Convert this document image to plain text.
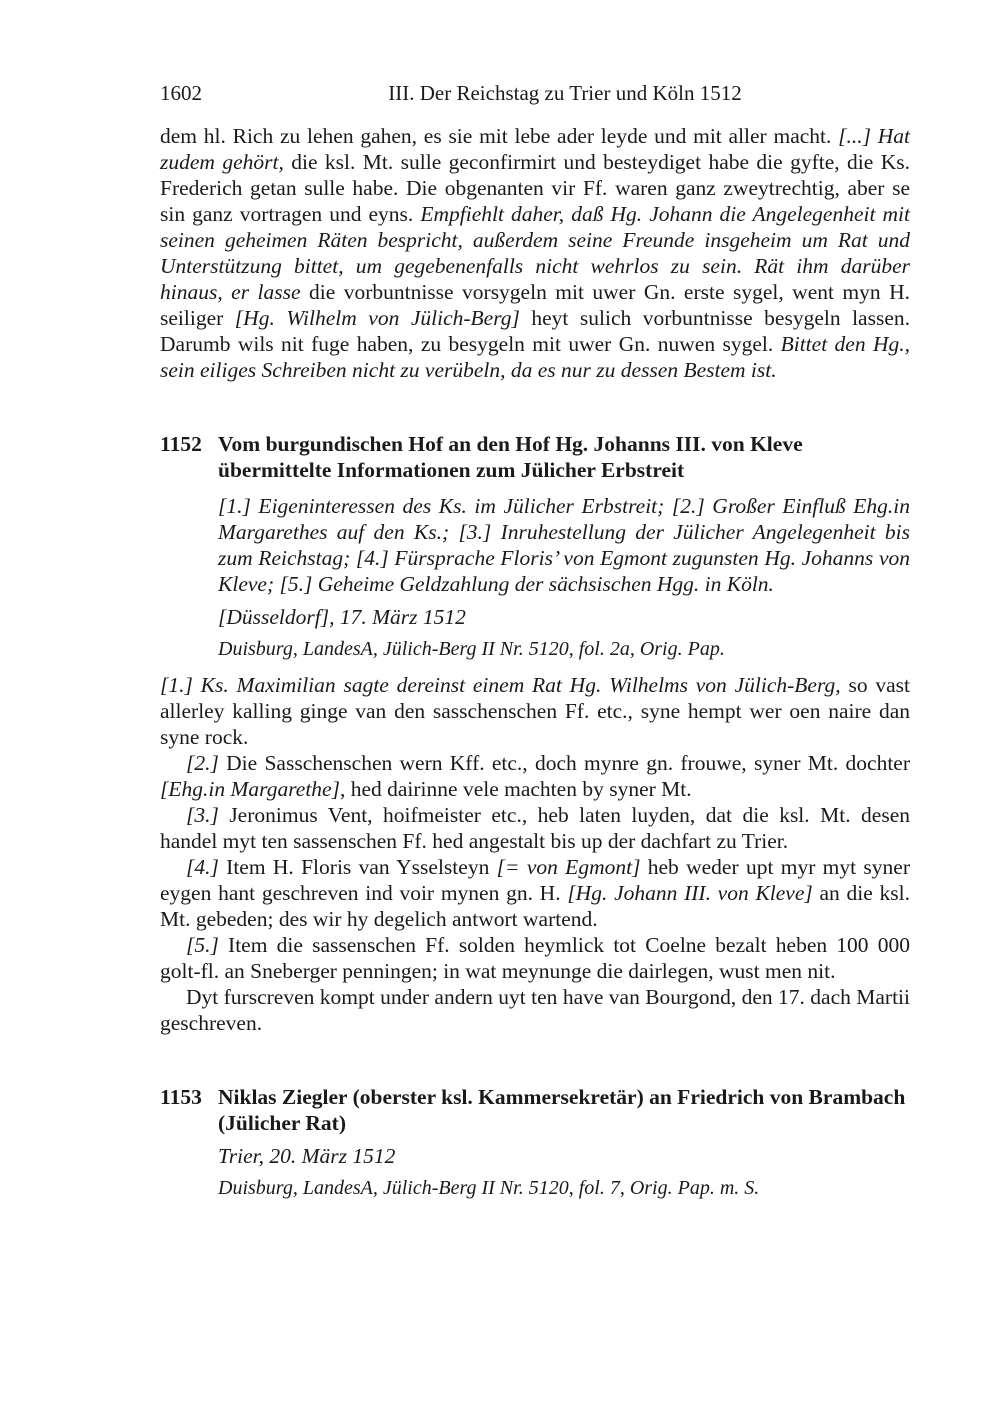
1602	III. Der Reichstag zu Trier und Köln 1512

dem hl. Rich zu lehen gahen, es sie mit lebe ader leyde und mit aller macht. [...] Hat zudem gehört, die ksl. Mt. sulle geconfirmirt und besteydiget habe die gyfte, die Ks. Frederich getan sulle habe. Die obgenanten vir Ff. waren ganz zweytrechtig, aber se sin ganz vortragen und eyns. Empfiehlt daher, daß Hg. Johann die Angelegenheit mit seinen geheimen Räten bespricht, außerdem seine Freunde insgeheim um Rat und Unterstützung bittet, um gegebenenfalls nicht wehrlos zu sein. Rät ihm darüber hinaus, er lasse die vorbuntnisse vorsygeln mit uwer Gn. erste sygel, went myn H. seiliger [Hg. Wilhelm von Jülich-Berg] heyt sulich vorbuntnisse besygeln lassen. Darumb wils nit fuge haben, zu besygeln mit uwer Gn. nuwen sygel. Bittet den Hg., sein eiliges Schreiben nicht zu verübeln, da es nur zu dessen Bestem ist.

1152 Vom burgundischen Hof an den Hof Hg. Johanns III. von Kleve übermittelte Informationen zum Jülicher Erbstreit
[1.] Eigeninteressen des Ks. im Jülicher Erbstreit; [2.] Großer Einfluß Ehg.in Margarethes auf den Ks.; [3.] Inruhestellung der Jülicher Angelegenheit bis zum Reichstag; [4.] Fürsprache Floris’ von Egmont zugunsten Hg. Johanns von Kleve; [5.] Geheime Geldzahlung der sächsischen Hgg. in Köln.
[Düsseldorf], 17. März 1512
Duisburg, LandesA, Jülich-Berg II Nr. 5120, fol. 2a, Orig. Pap.

[1.] Ks. Maximilian sagte dereinst einem Rat Hg. Wilhelms von Jülich-Berg, so vast allerley kalling ginge van den sasschenschen Ff. etc., syne hempt wer oen naire dan syne rock.

[2.] Die Sasschenschen wern Kff. etc., doch mynre gn. frouwe, syner Mt. dochter [Ehg.in Margarethe], hed dairinne vele machten by syner Mt.

[3.] Jeronimus Vent, hoifmeister etc., heb laten luyden, dat die ksl. Mt. desen handel myt ten sassenschen Ff. hed angestalt bis up der dachfart zu Trier.

[4.] Item H. Floris van Ysselsteyn [= von Egmont] heb weder upt myr myt syner eygen hant geschreven ind voir mynen gn. H. [Hg. Johann III. von Kleve] an die ksl. Mt. gebeden; des wir hy degelich antwort wartend.

[5.] Item die sassenschen Ff. solden heymlick tot Coelne bezalt heben 100 000 golt-fl. an Sneberger penningen; in wat meynunge die dairlegen, wust men nit.

Dyt furscreven kompt under andern uyt ten have van Bourgond, den 17. dach Martii geschreven.

1153 Niklas Ziegler (oberster ksl. Kammersekretär) an Friedrich von Brambach (Jülicher Rat)
Trier, 20. März 1512
Duisburg, LandesA, Jülich-Berg II Nr. 5120, fol. 7, Orig. Pap. m. S.
